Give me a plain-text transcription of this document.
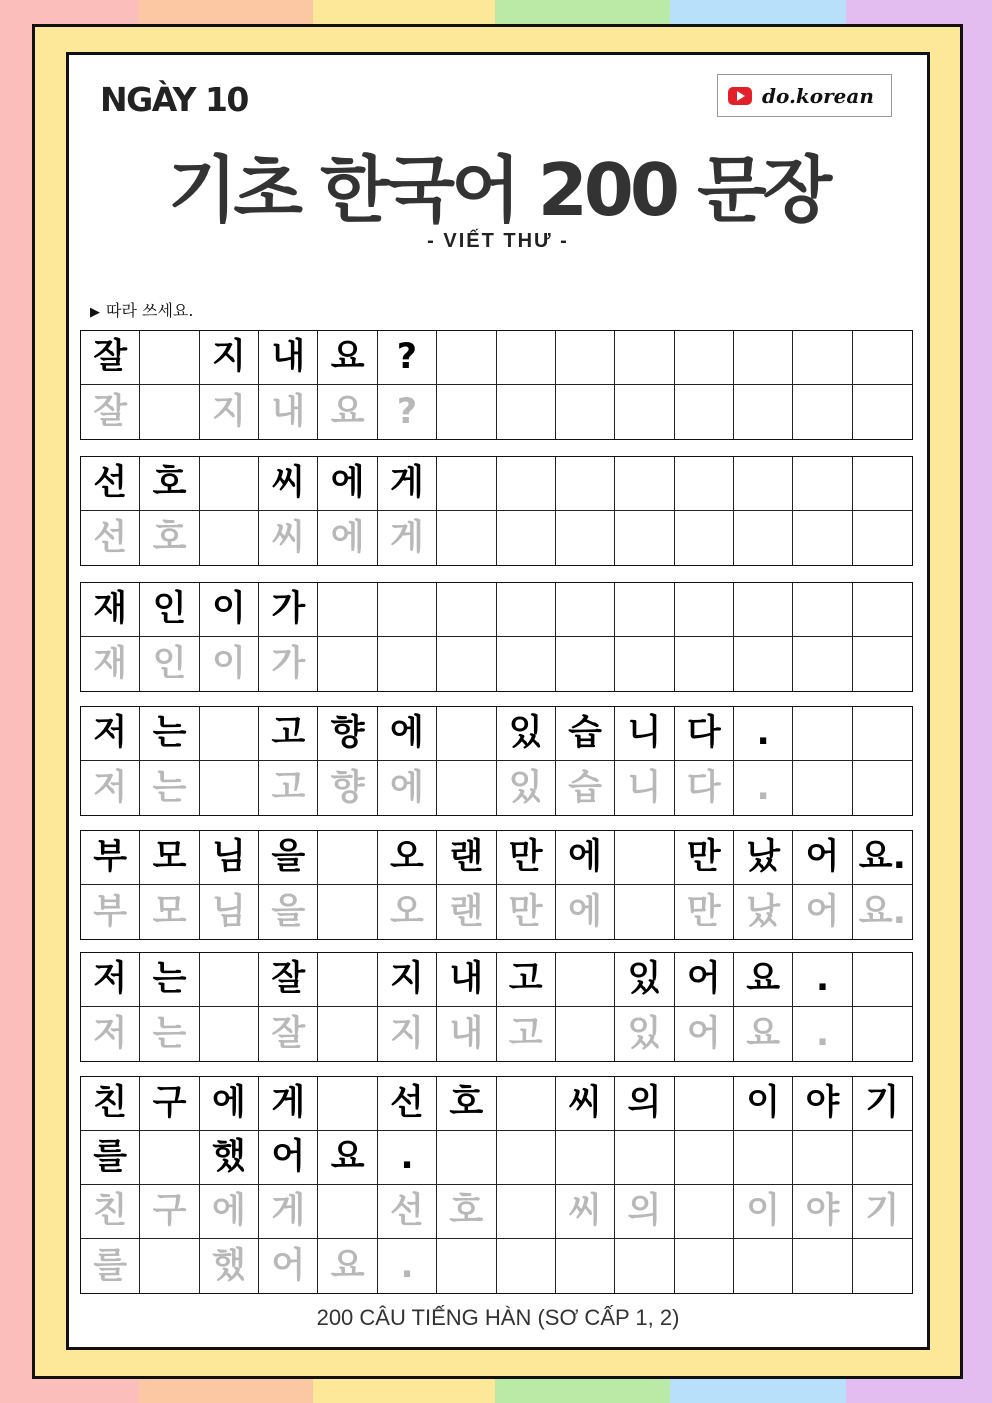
NGÀY 10	do.korean
기초 한국어 200 문장
- VIẾT THƯ -
▶ 따라 쓰세요.
잘	지 내 요 ?
잘	지 내 요 ?
선 호	씨 에 게
선 호	씨 에 게
재 인 이 가
재 인 이 가
저 는	고 향 에	있 습 니 다	.
저 는	고 향 에	있 습 니 다	.
부 모 님 을	오 랜 만 에	만 났 어 요.
부 모 님 을	오 랜 만 에	만 났 어 요.
저 는	잘	지 내 고	있 어 요	.
저 는	잘	지 내 고	있 어 요	.
친 구 에 게	선 호	씨 의	이 야 기
를	했 어 요	.
친 구 에 게	선 호	씨 의	이 야 기
를	했 어 요	.
200 CÂU TIẾNG HÀN (SƠ CẤP 1, 2)
